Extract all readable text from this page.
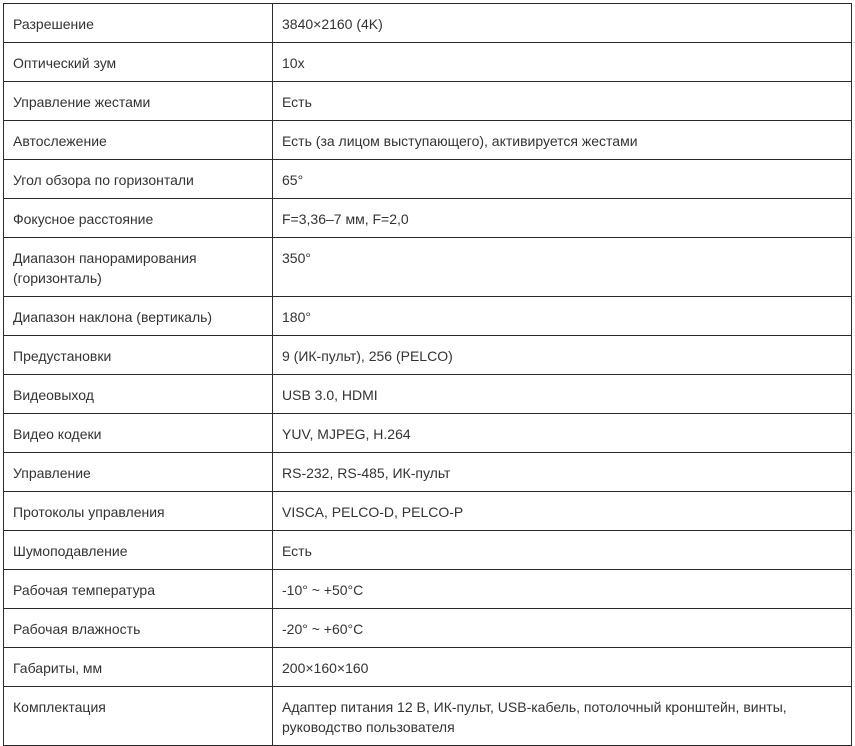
Разрешение	3840×2160 (4K)
Оптический зум	10x
Управление жестами	Есть
Автослежение	Есть (за лицом выступающего), активируется жестами
Угол обзора по горизонтали	65°
Фокусное расстояние	F=3,36–7 мм, F=2,0
Диапазон панорамирования (горизонталь)	350°
Диапазон наклона (вертикаль)	180°
Предустановки	9 (ИК-пульт), 256 (PELCO)
Видеовыход	USB 3.0, HDMI
Видео кодеки	YUV, MJPEG, H.264
Управление	RS-232, RS-485, ИК-пульт
Протоколы управления	VISCA, PELCO-D, PELCO-P
Шумоподавление	Есть
Рабочая температура	-10° ~ +50°C
Рабочая влажность	-20° ~ +60°C
Габариты, мм	200×160×160
Комплектация	Адаптер питания 12 В, ИК-пульт, USB-кабель, потолочный кронштейн, винты, руководство пользователя
